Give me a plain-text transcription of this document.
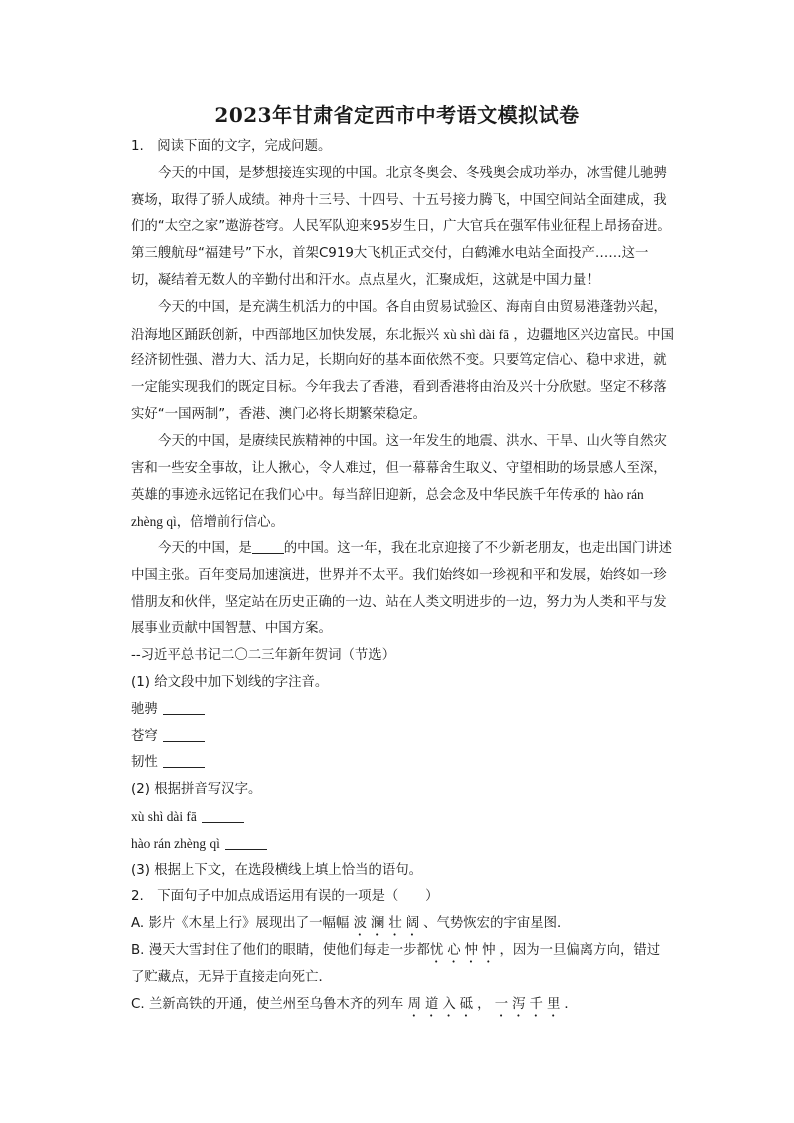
2023年甘肃省定西市中考语文模拟试卷
1. 阅读下面的文字，完成问题。
今天的中国，是梦想接连实现的中国。北京冬奥会、冬残奥会成功举办，冰雪健儿驰骋
赛场，取得了骄人成绩。神舟十三号、十四号、十五号接力腾飞，中国空间站全面建成，我
们的“太空之家”遨游苍穹。人民军队迎来95岁生日，广大官兵在强军伟业征程上昂扬奋进。
第三艘航母“福建号”下水，首架C919大飞机正式交付，白鹤滩水电站全面投产……这一
切，凝结着无数人的辛勤付出和汗水。点点星火，汇聚成炬，这就是中国力量！
今天的中国，是充满生机活力的中国。各自由贸易试验区、海南自由贸易港蓬勃兴起，
沿海地区踊跃创新，中西部地区加快发展，东北振兴 xù shì dài fā ，边疆地区兴边富民。中国
经济韧性强、潜力大、活力足，长期向好的基本面依然不变。只要笃定信心、稳中求进，就
一定能实现我们的既定目标。今年我去了香港，看到香港将由治及兴十分欣慰。坚定不移落
实好“一国两制”，香港、澳门必将长期繁荣稳定。
今天的中国，是赓续民族精神的中国。这一年发生的地震、洪水、干旱、山火等自然灾
害和一些安全事故，让人揪心，令人难过，但一幕幕舍生取义、守望相助的场景感人至深，
英雄的事迹永远铭记在我们心中。每当辞旧迎新，总会念及中华民族千年传承的 hào rán
zhèng qì，倍增前行信心。
今天的中国，是 的中国。这一年，我在北京迎接了不少新老朋友，也走出国门讲述
中国主张。百年变局加速演进，世界并不太平。我们始终如一珍视和平和发展，始终如一珍
惜朋友和伙伴，坚定站在历史正确的一边、站在人类文明进步的一边，努力为人类和平与发
展事业贡献中国智慧、中国方案。
--习近平总书记二〇二三年新年贺词（节选）
(1) 给文段中加下划线的字注音。
驰骋
苍穹
韧性
(2) 根据拼音写汉字。
xù shì dài fā
hào rán zhèng qì
(3) 根据上下文，在选段横线上填上恰当的语句。
2. 下面句子中加点成语运用有误的一项是（　　）
A. 影片《木星上行》展现出了一幅幅 波澜壮阔、气势恢宏的宇宙星图．
B. 漫天大雪封住了他们的眼睛，使他们每走一步都忧心忡忡，因为一旦偏离方向，错过
了贮藏点，无异于直接走向死亡．
C. 兰新高铁的开通，使兰州至乌鲁木齐的列车 周道入砥， 一泻千里．
